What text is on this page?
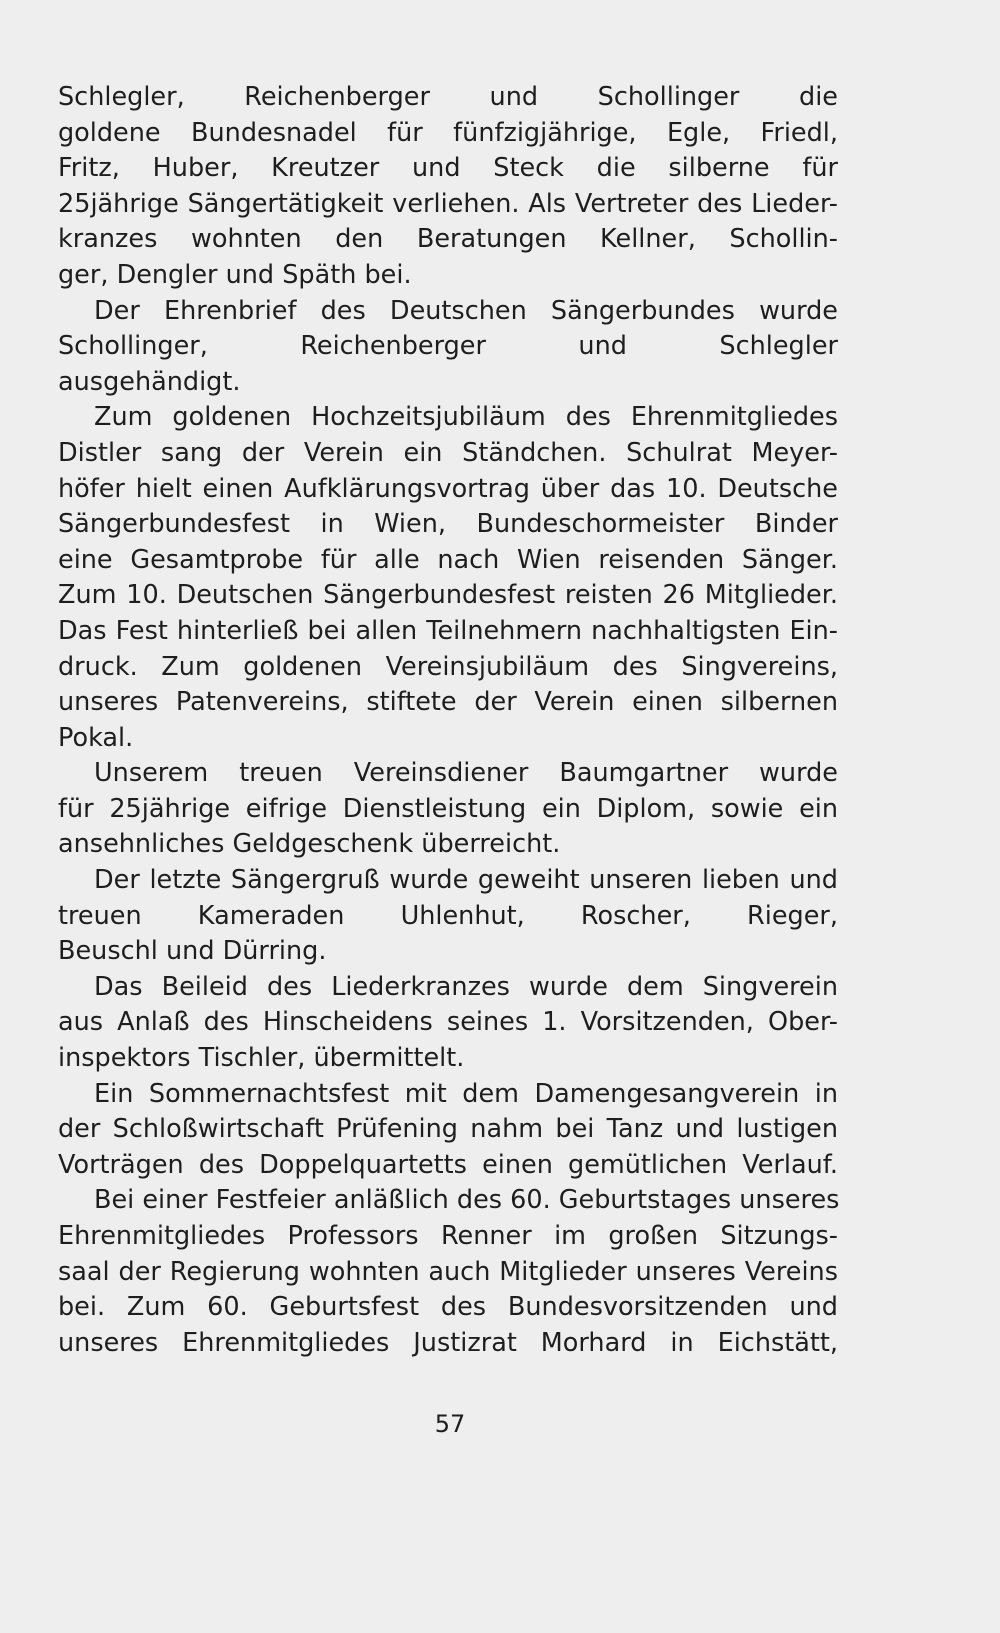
Schlegler, Reichenberger und Schollinger die
goldene Bundesnadel für fünfzigjährige, Egle, Friedl,
Fritz, Huber, Kreutzer und Steck die silberne für
25jährige Sängertätigkeit verliehen. Als Vertreter des Lieder-
kranzes wohnten den Beratungen Kellner, Schollin-
ger, Dengler und Späth bei.
Der Ehrenbrief des Deutschen Sängerbundes wurde
Schollinger, Reichenberger und Schlegler
ausgehändigt.
Zum goldenen Hochzeitsjubiläum des Ehrenmitgliedes
Distler sang der Verein ein Ständchen. Schulrat Meyer-
höfer hielt einen Aufklärungsvortrag über das 10. Deutsche
Sängerbundesfest in Wien, Bundeschormeister Binder
eine Gesamtprobe für alle nach Wien reisenden Sänger.
Zum 10. Deutschen Sängerbundesfest reisten 26 Mitglieder.
Das Fest hinterließ bei allen Teilnehmern nachhaltigsten Ein-
druck. Zum goldenen Vereinsjubiläum des Singvereins,
unseres Patenvereins, stiftete der Verein einen silbernen
Pokal.
Unserem treuen Vereinsdiener Baumgartner wurde
für 25jährige eifrige Dienstleistung ein Diplom, sowie ein
ansehnliches Geldgeschenk überreicht.
Der letzte Sängergruß wurde geweiht unseren lieben und
treuen Kameraden Uhlenhut, Roscher, Rieger,
Beuschl und Dürring.
Das Beileid des Liederkranzes wurde dem Singverein
aus Anlaß des Hinscheidens seines 1. Vorsitzenden, Ober-
inspektors Tischler, übermittelt.
Ein Sommernachtsfest mit dem Damengesangverein in
der Schloßwirtschaft Prüfening nahm bei Tanz und lustigen
Vorträgen des Doppelquartetts einen gemütlichen Verlauf.
Bei einer Festfeier anläßlich des 60. Geburtstages unseres
Ehrenmitgliedes Professors Renner im großen Sitzungs-
saal der Regierung wohnten auch Mitglieder unseres Vereins
bei. Zum 60. Geburtsfest des Bundesvorsitzenden und
unseres Ehrenmitgliedes Justizrat Morhard in Eichstätt,
57
